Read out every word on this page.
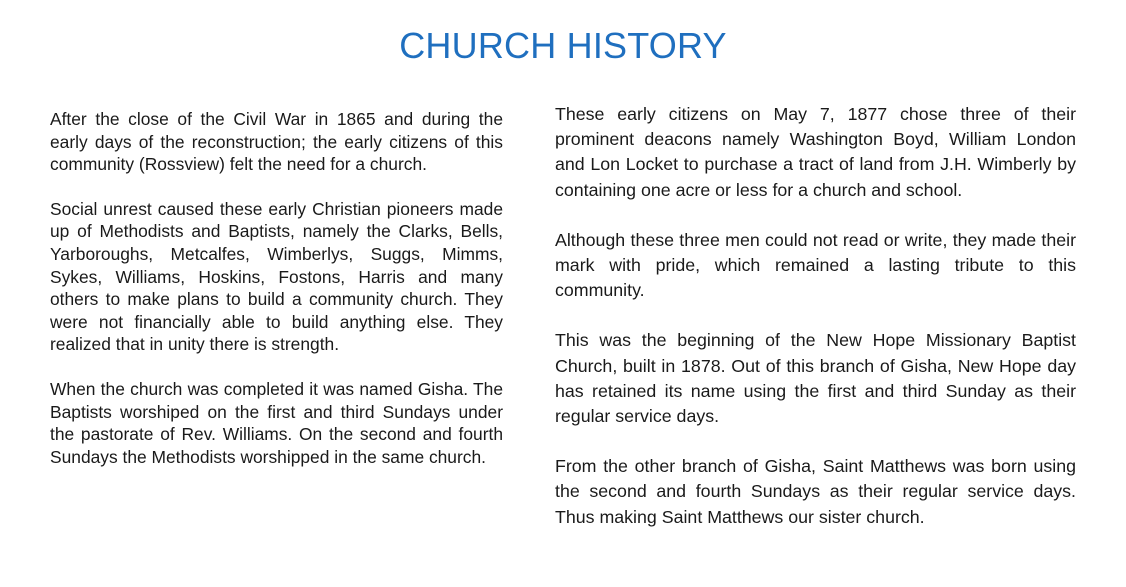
CHURCH HISTORY

After the close of the Civil War in 1865 and during the early days of the reconstruction; the early citizens of this community (Rossview) felt the need for a church.

Social unrest caused these early Christian pioneers made up of Methodists and Baptists, namely the Clarks, Bells, Yarboroughs, Metcalfes, Wimberlys, Suggs, Mimms, Sykes, Williams, Hoskins, Fostons, Harris and many others to make plans to build a community church. They were not financially able to build anything else. They realized that in unity there is strength.

When the church was completed it was named Gisha. The Baptists worshiped on the first and third Sundays under the pastorate of Rev. Williams. On the second and fourth Sundays the Methodists worshipped in the same church.

These early citizens on May 7, 1877 chose three of their prominent deacons namely Washington Boyd, William London and Lon Locket to purchase a tract of land from J.H. Wimberly by containing one acre or less for a church and school.

Although these three men could not read or write, they made their mark with pride, which remained a lasting tribute to this community.

This was the beginning of the New Hope Missionary Baptist Church, built in 1878. Out of this branch of Gisha, New Hope day has retained its name using the first and third Sunday as their regular service days.

From the other branch of Gisha, Saint Matthews was born using the second and fourth Sundays as their regular service days. Thus making Saint Matthews our sister church.
